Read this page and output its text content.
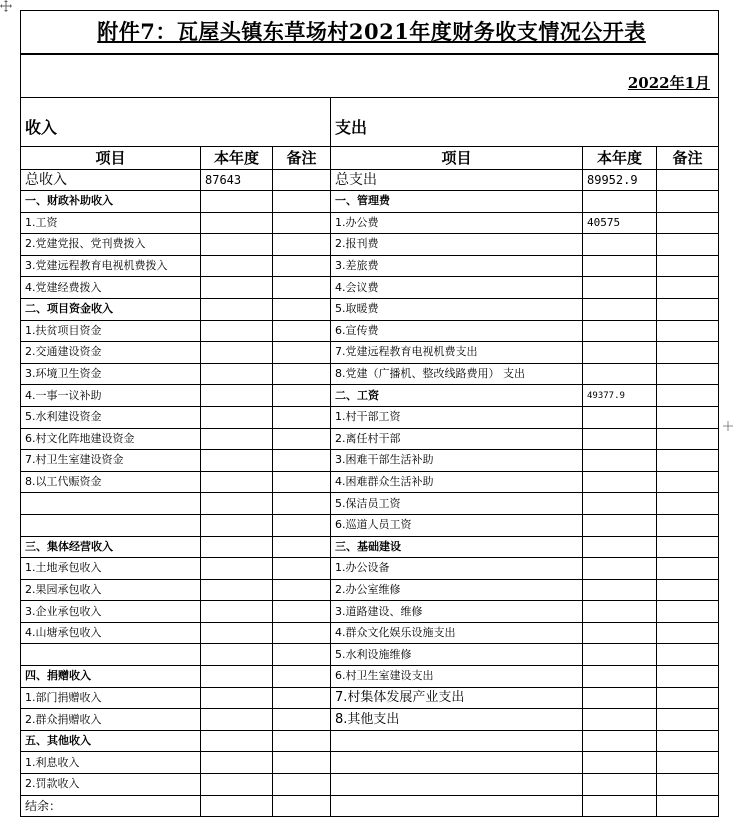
附件7：瓦屋头镇东草场村2021年度财务收支情况公开表					

2022年1月					
收入			支出		
项目	本年度	备注	项目	本年度	备注
总收入	87643		总支出	89952.9	
一、财政补助收入			一、管理费		
1.工资			1.办公费	40575	
2.党建党报、党刊费拨入			2.报刊费		
3.党建远程教育电视机费拨入			3.差旅费		
4.党建经费拨入			4.会议费		
二、项目资金收入			5.取暖费		
1.扶贫项目资金			6.宣传费		
2.交通建设资金			7.党建远程教育电视机费支出		
3.环境卫生资金			8.党建（广播机、整改线路费用） 支出		
4.一事一议补助			二、工资	49377.9	
5.水利建设资金			1.村干部工资		
6.村文化阵地建设资金			2.离任村干部		
7.村卫生室建设资金			3.困难干部生活补助		
8.以工代赈资金			4.困难群众生活补助		
			5.保洁员工资		
			6.巡道人员工资		
三、集体经营收入			三、基础建设		
1.土地承包收入			1.办公设备		
2.果园承包收入			2.办公室维修		
3.企业承包收入			3.道路建设、维修		
4.山塘承包收入			4.群众文化娱乐设施支出		
			5.水利设施维修		
四、捐赠收入			6.村卫生室建设支出		
1.部门捐赠收入			7.村集体发展产业支出		
2.群众捐赠收入			8.其他支出		
五、其他收入					
1.利息收入					
2.罚款收入					
结余：					
